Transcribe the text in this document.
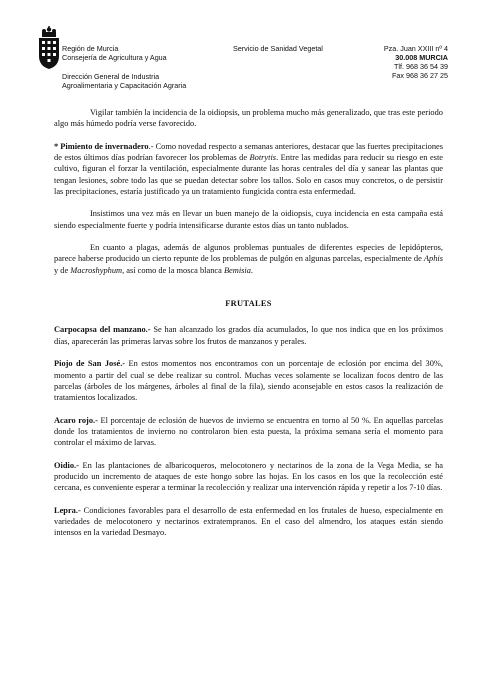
Región de Murcia
Consejería de Agricultura y Agua
Dirección General de Industria
Agroalimentaria y Capacitación Agraria
Servicio de Sanidad Vegetal	Pza. Juan XXIII nº 4
30.008 MURCIA
Tlf. 968 36 54 39
Fax 968 36 27 25

Vigilar también la incidencia de la oidiopsis, un problema mucho más generalizado, que tras este periodo algo más húmedo podría verse favorecido.

* Pimiento de invernadero.- Como novedad respecto a semanas anteriores, destacar que las fuertes precipitaciones de estos últimos días podrían favorecer los problemas de Botrytis. Entre las medidas para reducir su riesgo en este cultivo, figuran el forzar la ventilación, especialmente durante las horas centrales del día y sanear las plantas que tengan lesiones, sobre todo las que se puedan detectar sobre los tallos. Solo en casos muy concretos, o de persistir las precipitaciones, estaría justificado ya un tratamiento fungicida contra esta enfermedad.

Insistimos una vez más en llevar un buen manejo de la oidiopsis, cuya incidencia en esta campaña está siendo especialmente fuerte y podría intensificarse durante estos días un tanto nublados.

En cuanto a plagas, además de algunos problemas puntuales de diferentes especies de lepidópteros, parece haberse producido un cierto repunte de los problemas de pulgón en algunas parcelas, especialmente de Aphis y de Macroshyphum, así como de la mosca blanca Bemisia.

FRUTALES

Carpocapsa del manzano.- Se han alcanzado los grados día acumulados, lo que nos indica que en los próximos días, aparecerán las primeras larvas sobre los frutos de manzanos y perales.

Piojo de San José.- En estos momentos nos encontramos con un porcentaje de eclosión por encima del 30%, momento a partir del cual se debe realizar su control. Muchas veces solamente se localizan focos dentro de las parcelas (árboles de los márgenes, árboles al final de la fila), siendo aconsejable en estos casos la realización de tratamientos localizados.

Acaro rojo.- El porcentaje de eclosión de huevos de invierno se encuentra en torno al 50 %. En aquellas parcelas donde los tratamientos de invierno no controlaron bien esta puesta, la próxima semana sería el momento para controlar el máximo de larvas.

Oidio.- En las plantaciones de albaricoqueros, melocotonero y nectarinos de la zona de la Vega Media, se ha producido un incremento de ataques de este hongo sobre las hojas. En los casos en los que la recolección esté cercana, es conveniente esperar a terminar la recolección y realizar una intervención rápida y repetir a los 7-10 días.

Lepra.- Condiciones favorables para el desarrollo de esta enfermedad en los frutales de hueso, especialmente en variedades de melocotonero y nectarinos extratempranos. En el caso del almendro, los ataques están siendo intensos en la variedad Desmayo.
